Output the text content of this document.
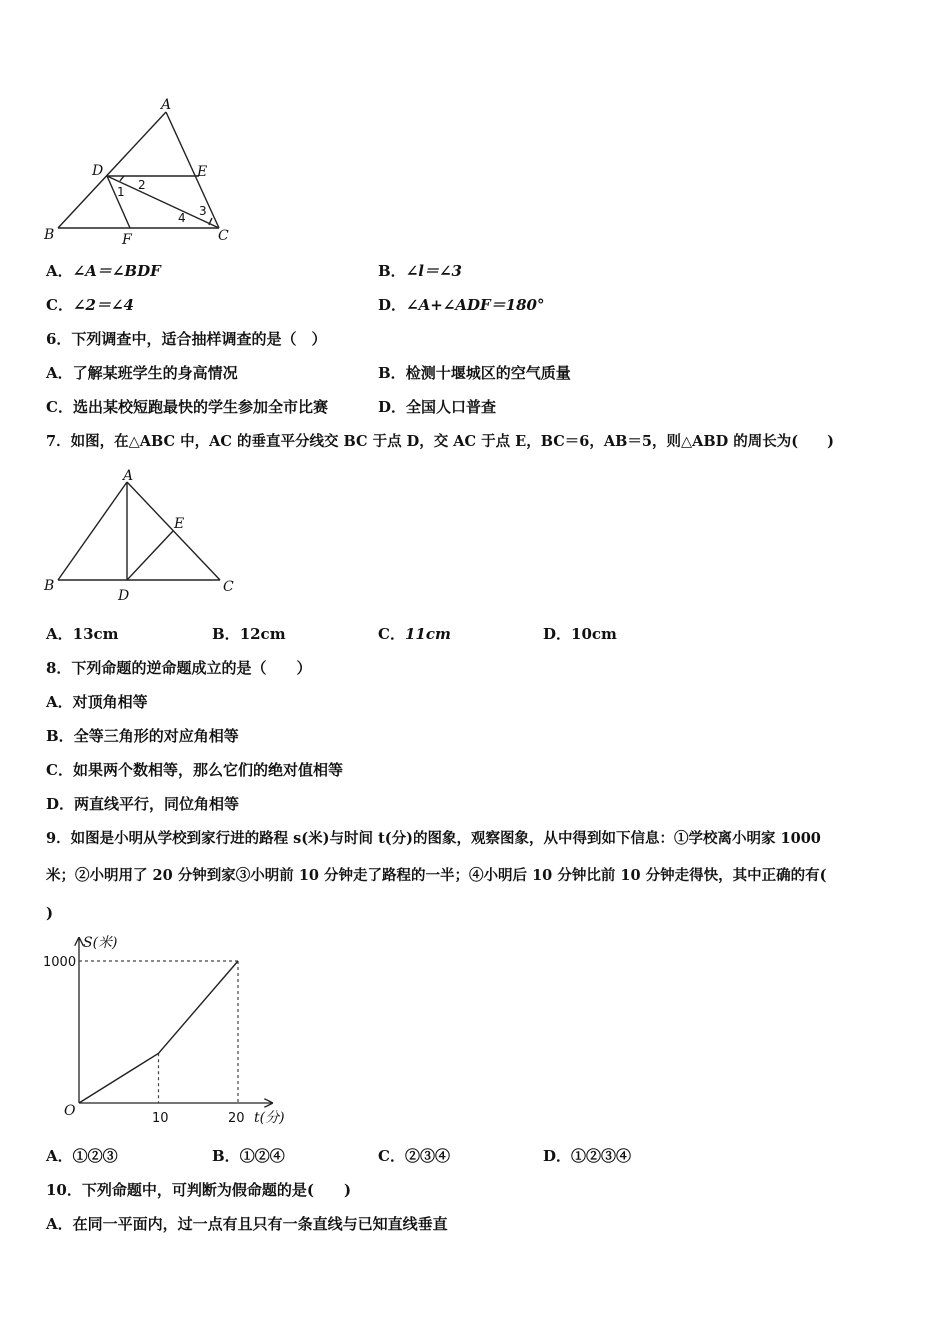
A
B	C
D	E
F
1 2
3
4
A．∠A＝∠BDF	B．∠l＝∠3
C．∠2＝∠4	D．∠A+∠ADF＝180°
6．下列调查中，适合抽样调查的是（　）
A．了解某班学生的身高情况	B．检测十堰城区的空气质量
C．选出某校短跑最快的学生参加全市比赛	D．全国人口普查
7．如图，在△ABC 中，AC 的垂直平分线交 BC 于点 D，交 AC 于点 E，BC＝6，AB＝5，则△ABD 的周长为(　　)
A
B	C
D
E
A．13cm	B．12cm	C．11cm	D．10cm
8．下列命题的逆命题成立的是（　　）
A．对顶角相等
B．全等三角形的对应角相等
C．如果两个数相等，那么它们的绝对值相等
D．两直线平行，同位角相等
9．如图是小明从学校到家行进的路程 s(米)与时间 t(分)的图象，观察图象，从中得到如下信息：①学校离小明家 1000
米；②小明用了 20 分钟到家③小明前 10 分钟走了路程的一半；④小明后 10 分钟比前 10 分钟走得快，其中正确的有(
)
S(米)
t(分)
O
1000
10	20
A．①②③	B．①②④	C．②③④	D．①②③④
10．下列命题中，可判断为假命题的是(　　)
A．在同一平面内，过一点有且只有一条直线与已知直线垂直
